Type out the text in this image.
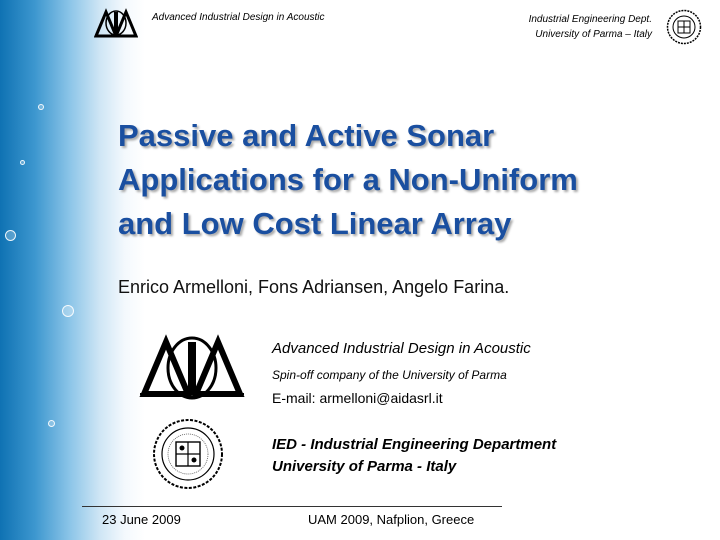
Advanced Industrial Design in Acoustic	Industrial Engineering Dept.
University of Parma – Italy
Passive and Active Sonar
Applications for a Non-Uniform
and Low Cost Linear Array
Enrico Armelloni, Fons Adriansen, Angelo Farina.
Advanced Industrial Design in Acoustic
Spin-off company of the University of Parma
E-mail: armelloni@aidasrl.it
IED - Industrial Engineering Department
University of Parma - Italy
23 June 2009	UAM 2009, Nafplion, Greece
